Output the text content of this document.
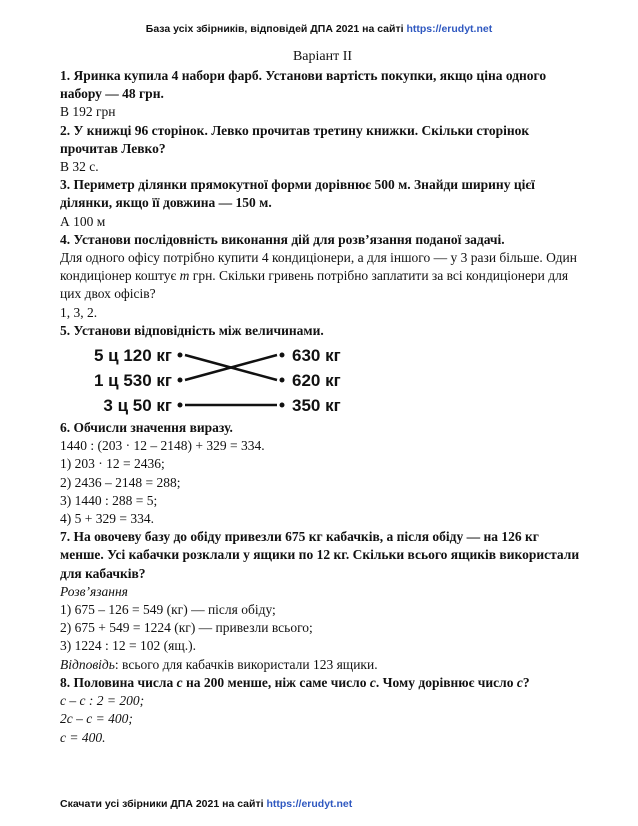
База усіх збірників, відповідей ДПА 2021 на сайті https://erudyt.net
Варіант II

1. Яринка купила 4 набори фарб. Установи вартість покупки, якщо ціна одного набору — 48 грн.

В 192 грн

2. У книжці 96 сторінок. Левко прочитав третину книжки. Скільки сторінок прочитав Левко?

В 32 с.

3. Периметр ділянки прямокутної форми дорівнює 500 м. Знайди ширину цієї ділянки, якщо її довжина — 150 м.

А 100 м

4. Установи послідовність виконання дій для розв’язання поданої задачі.

Для одного офісу потрібно купити 4 кондиціонери, а для іншого — у 3 рази більше. Один кондиціонер коштує m грн. Скільки гривень потрібно заплатити за всі кондиціонери для цих двох офісів?

1, 3, 2.

5. Установи відповідність між величинами.

5 ц 120 кг
1 ц 530 кг
3 ц 50 кг
630 кг
620 кг
350 кг

6. Обчисли значення виразу.

1440 : (203 · 12 – 2148) + 329 = 334.

1) 203 · 12 = 2436;

2) 2436 – 2148 = 288;

3) 1440 : 288 = 5;

4) 5 + 329 = 334.

7. На овочеву базу до обіду привезли 675 кг кабачків, а після обіду — на 126 кг менше. Усі кабачки розклали у ящики по 12 кг. Скільки всього ящиків використали для кабачків?

Розв’язання

1) 675 – 126 = 549 (кг) — після обіду;

2) 675 + 549 = 1224 (кг) — привезли всього;

3) 1224 : 12 = 102 (ящ.).

Відповідь: всього для кабачків використали 123 ящики.

8. Половина числа c на 200 менше, ніж саме число c. Чому дорівнює число c?

c – c : 2 = 200;

2c – c = 400;

c = 400.

Скачати усі збірники ДПА 2021 на сайті https://erudyt.net
